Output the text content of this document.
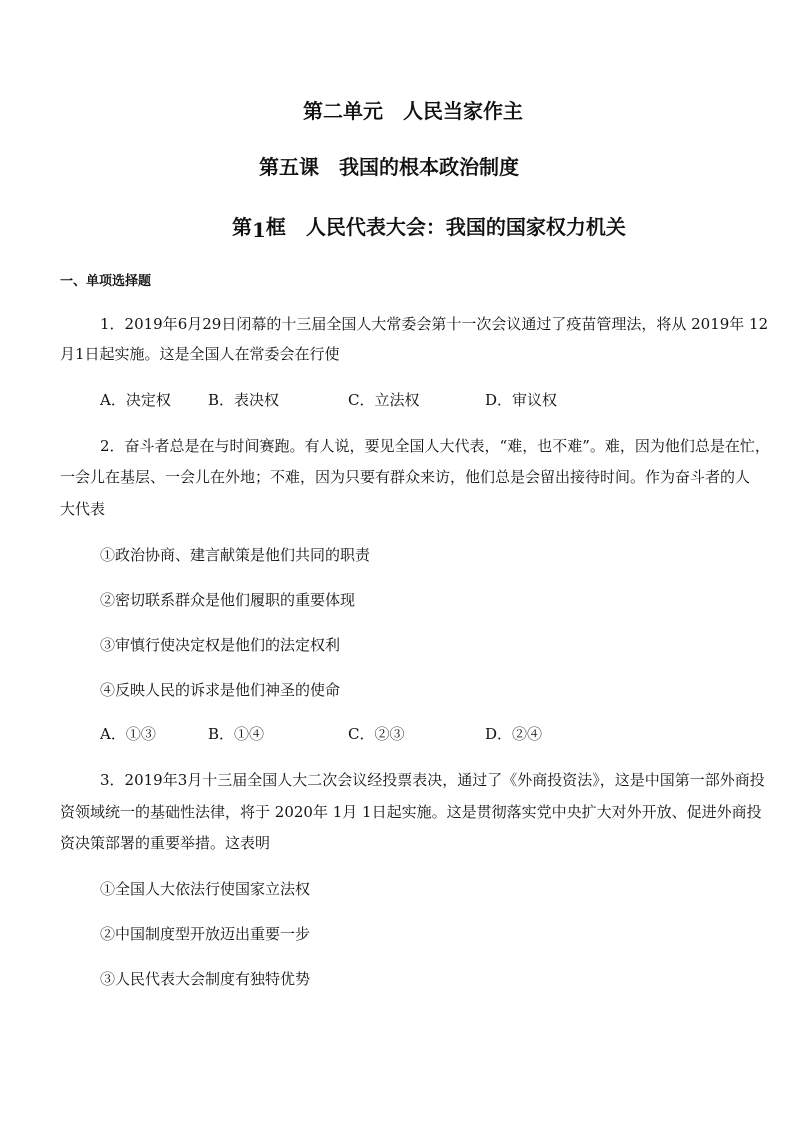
第二单元　人民当家作主
第五课　我国的根本政治制度
第1框　人民代表大会：我国的国家权力机关
一、单项选择题
1．2019年6月29日闭幕的十三届全国人大常委会第十一次会议通过了疫苗管理法，将从 2019年 12
月1日起实施。这是全国人在常委会在行使
A．决定权 B．表决权	C．立法权	D．审议权
2．奋斗者总是在与时间赛跑。有人说，要见全国人大代表，“难，也不难”。难，因为他们总是在忙，
一会儿在基层、一会儿在外地；不难，因为只要有群众来访，他们总是会留出接待时间。作为奋斗者的人
大代表
①政治协商、建言献策是他们共同的职责
②密切联系群众是他们履职的重要体现
③审慎行使决定权是他们的法定权利
④反映人民的诉求是他们神圣的使命
A．①③	B．①④	C．②③	D．②④
3．2019年3月十三届全国人大二次会议经投票表决，通过了《外商投资法》，这是中国第一部外商投
资领域统一的基础性法律，将于 2020年 1月 1日起实施。这是贯彻落实党中央扩大对外开放、促进外商投
资决策部署的重要举措。这表明
①全国人大依法行使国家立法权
②中国制度型开放迈出重要一步
③人民代表大会制度有独特优势
